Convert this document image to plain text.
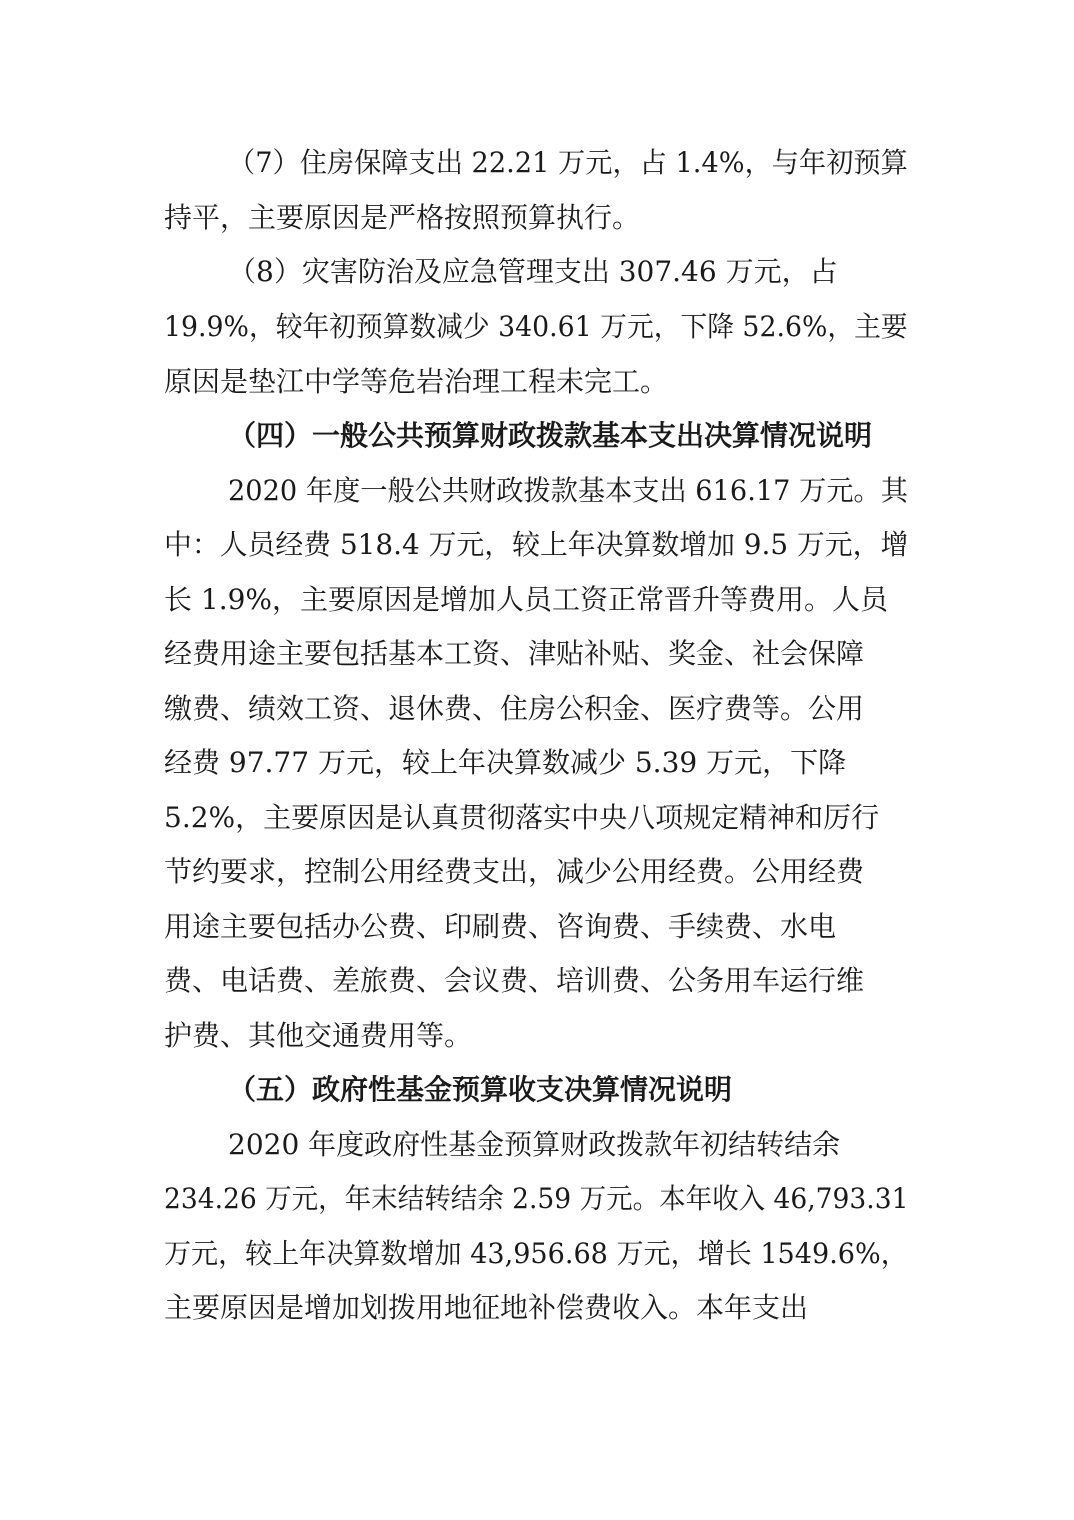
（7）住房保障支出 22.21 万元，占 1.4%，与年初预算
持平，主要原因是严格按照预算执行。
（8）灾害防治及应急管理支出 307.46 万元，占
19.9%，较年初预算数减少 340.61 万元，下降 52.6%，主要
原因是垫江中学等危岩治理工程未完工。
（四）一般公共预算财政拨款基本支出决算情况说明
2020 年度一般公共财政拨款基本支出 616.17 万元。其
中：人员经费 518.4 万元，较上年决算数增加 9.5 万元，增
长 1.9%，主要原因是增加人员工资正常晋升等费用。人员
经费用途主要包括基本工资、津贴补贴、奖金、社会保障
缴费、绩效工资、退休费、住房公积金、医疗费等。公用
经费 97.77 万元，较上年决算数减少 5.39 万元，下降
5.2%，主要原因是认真贯彻落实中央八项规定精神和厉行
节约要求，控制公用经费支出，减少公用经费。公用经费
用途主要包括办公费、印刷费、咨询费、手续费、水电
费、电话费、差旅费、会议费、培训费、公务用车运行维
护费、其他交通费用等。
（五）政府性基金预算收支决算情况说明
2020 年度政府性基金预算财政拨款年初结转结余
234.26 万元，年末结转结余 2.59 万元。本年收入 46,793.31
万元，较上年决算数增加 43,956.68 万元，增长 1549.6%，
主要原因是增加划拨用地征地补偿费收入。本年支出
